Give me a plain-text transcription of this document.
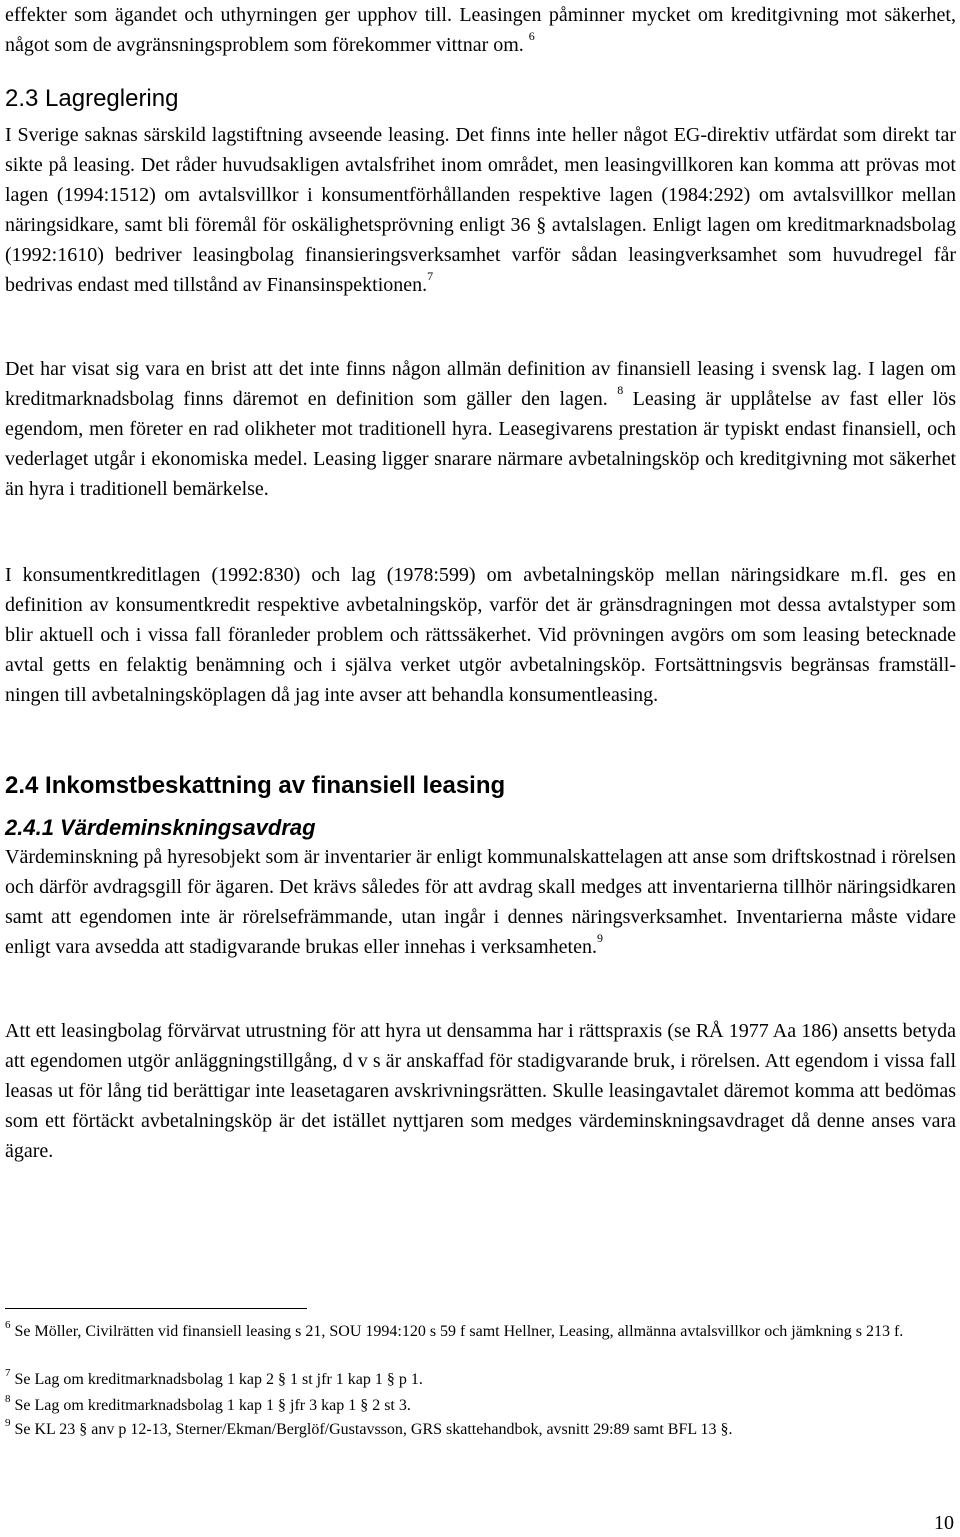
effekter som ägandet och uthyrningen ger upphov till. Leasingen påminner mycket om kreditgivning mot säkerhet, något som de avgränsningsproblem som förekommer vittnar om. $^6$

2.3 Lagreglering

I Sverige saknas särskild lagstiftning avseende leasing. Det finns inte heller något EG-direktiv utfärdat som direkt tar sikte på leasing. Det råder huvudsakligen avtalsfrihet inom området, men leasingvillkoren kan komma att prövas mot lagen (1994:1512) om avtalsvillkor i konsumentförhållanden respektive lagen (1984:292) om avtalsvillkor mellan näringsidkare, samt bli föremål för oskälighetsprövning enligt 36 § avtalslagen. Enligt lagen om kreditmarknadsbolag (1992:1610) bedriver leasingbolag finansieringsverksamhet varför sådan leasingverksamhet som huvudregel får bedrivas endast med tillstånd av Finansinspektionen.$^7$

Det har visat sig vara en brist att det inte finns någon allmän definition av finansiell leasing i svensk lag. I lagen om kreditmarknadsbolag finns däremot en definition som gäller den lagen. $^8$ Leasing är upplåtelse av fast eller lös egendom, men företer en rad olikheter mot traditionell hyra. Leasegivarens prestation är typiskt endast finansiell, och vederlaget utgår i ekonomiska medel. Leasing ligger snarare närmare avbetalningsköp och kreditgivning mot säkerhet än hyra i traditionell bemärkelse.

I konsumentkreditlagen (1992:830) och lag (1978:599) om avbetalningsköp mellan näringsidkare m.fl. ges en definition av konsumentkredit respektive avbetalningsköp, varför det är gränsdragningen mot dessa avtalstyper som blir aktuell och i vissa fall föranleder problem och rättssäkerhet. Vid prövningen avgörs om som leasing betecknade avtal getts en felaktig benämning och i själva verket utgör avbetalningsköp. Fortsättningsvis begränsas framställningen till avbetalningsköplagen då jag inte avser att behandla konsumentleasing.

2.4 Inkomstbeskattning av finansiell leasing
2.4.1 Värdeminskningsavdrag

Värdeminskning på hyresobjekt som är inventarier är enligt kommunalskattelagen att anse som driftskostnad i rörelsen och därför avdragsgill för ägaren. Det krävs således för att avdrag skall medges att inventarierna tillhör näringsidkaren samt att egendomen inte är rörelsefrämmande, utan ingår i dennes näringsverksamhet. Inventarierna måste vidare enligt vara avsedda att stadigvarande brukas eller innehas i verksamheten.$^9$

Att ett leasingbolag förvärvat utrustning för att hyra ut densamma har i rättspraxis (se RÅ 1977 Aa 186) ansetts betyda att egendomen utgör anläggningstillgång, d v s är anskaffad för stadigvarande bruk, i rörelsen. Att egendom i vissa fall leasas ut för lång tid berättigar inte leasetagaren avskrivningsrätten. Skulle leasingavtalet däremot komma att bedömas som ett förtäckt avbetalningsköp är det istället nyttjaren som medges värdeminskningsavdraget då denne anses vara ägare.

$^6$ Se Möller, Civilrätten vid finansiell leasing s 21, SOU 1994:120 s 59 f samt Hellner, Leasing, allmänna avtalsvillkor och jämkning s 213 f.

$^7$ Se Lag om kreditmarknadsbolag 1 kap 2 § 1 st jfr 1 kap 1 § p 1.

$^8$ Se Lag om kreditmarknadsbolag 1 kap 1 § jfr 3 kap 1 § 2 st 3.

$^9$ Se KL 23 § anv p 12-13, Sterner/Ekman/Berglöf/Gustavsson, GRS skattehandbok, avsnitt 29:89 samt BFL 13 §.

10
